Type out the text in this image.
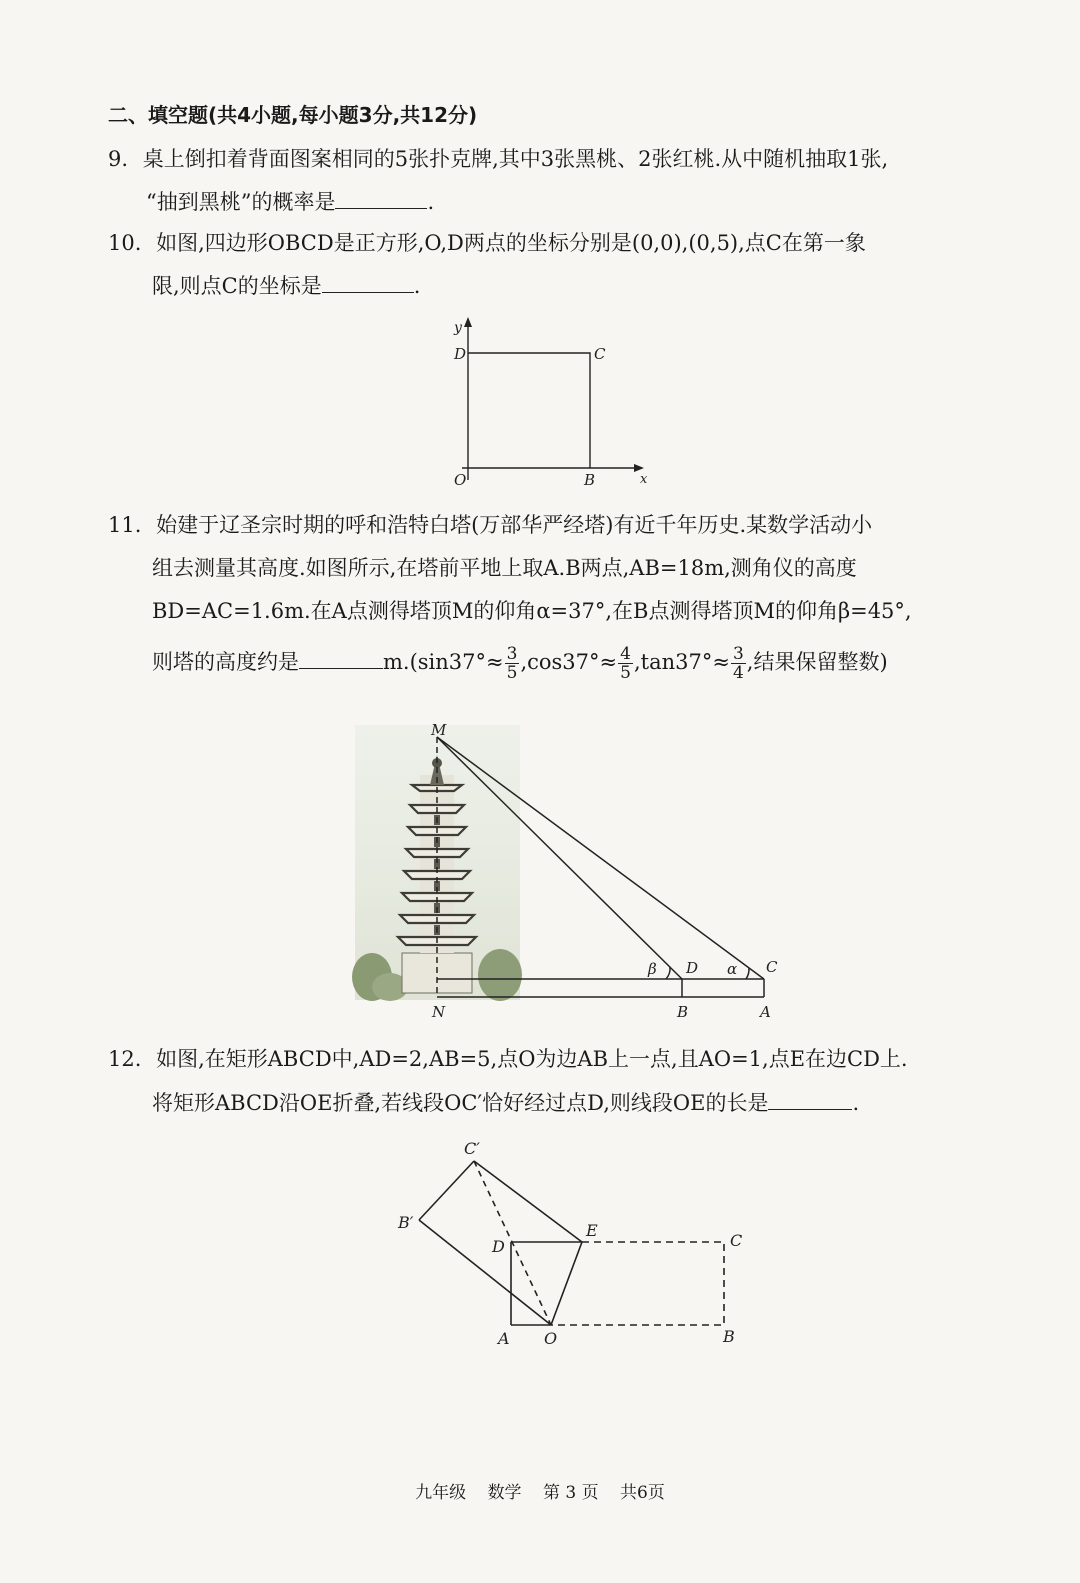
二、填空题(共4小题,每小题3分,共12分)
9. 桌上倒扣着背面图案相同的5张扑克牌,其中3张黑桃、2张红桃.从中随机抽取1张,
“抽到黑桃”的概率是	.
10. 如图,四边形OBCD是正方形,O,D两点的坐标分别是(0,0),(0,5),点C在第一象
限,则点C的坐标是	.
y
x
D	C
O	B
11. 始建于辽圣宗时期的呼和浩特白塔(万部华严经塔)有近千年历史.某数学活动小
组去测量其高度.如图所示,在塔前平地上取A.B两点,AB=18m,测角仪的高度
BD=AC=1.6m.在A点测得塔顶M的仰角α=37°,在B点测得塔顶M的仰角β=45°,
则塔的高度约是	$m.(\sin 37^\circ\approx \frac{3}{5} ,\cos 37^\circ\approx \frac{4}{5} ,\tan 37^\circ\approx \frac{3}{4}$ ,结果保留整数)
M
N	B	A
D	C
β	α
12. 如图,在矩形ABCD中,AD=2,AB=5,点O为边AB上一点,且AO=1,点E在边CD上.
将矩形ABCD沿OE折叠,若线段OC′恰好经过点D,则线段OE的长是	.
C′
B′
D
E
C
A O	B
九年级 数学 第 3 页 共6页
